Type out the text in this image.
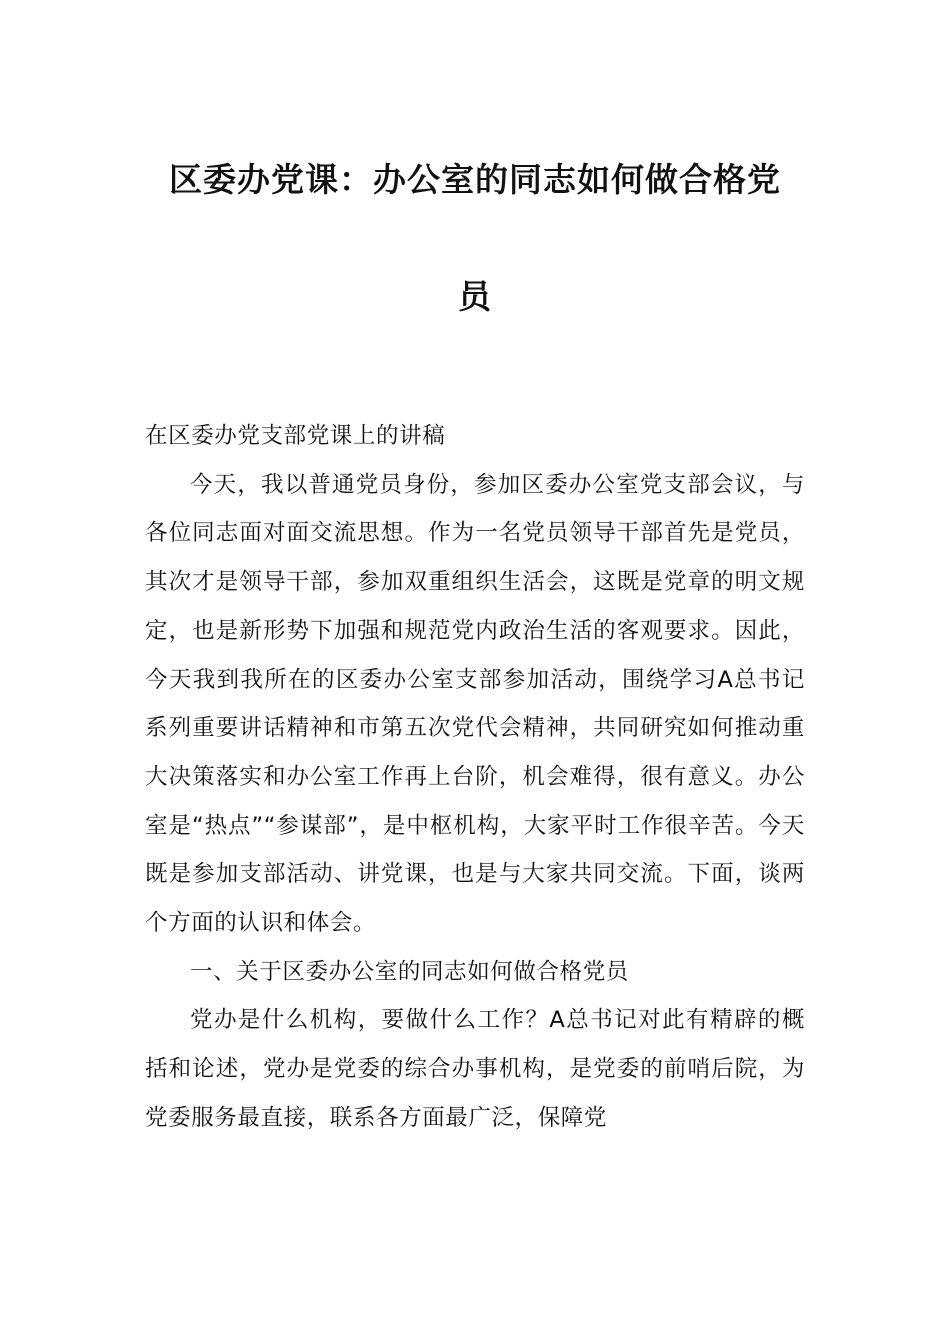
区委办党课：办公室的同志如何做合格党
员

在区委办党支部党课上的讲稿

今天，我以普通党员身份，参加区委办公室党支部会议，与各位同志面对面交流思想。作为一名党员领导干部首先是党员，其次才是领导干部，参加双重组织生活会，这既是党章的明文规定，也是新形势下加强和规范党内政治生活的客观要求。因此，今天我到我所在的区委办公室支部参加活动，围绕学习A总书记系列重要讲话精神和市第五次党代会精神，共同研究如何推动重大决策落实和办公室工作再上台阶，机会难得，很有意义。办公室是“热点”“参谋部”，是中枢机构，大家平时工作很辛苦。今天既是参加支部活动、讲党课，也是与大家共同交流。下面，谈两个方面的认识和体会。

一、关于区委办公室的同志如何做合格党员

党办是什么机构，要做什么工作？A总书记对此有精辟的概括和论述，党办是党委的综合办事机构，是党委的前哨后院，为党委服务最直接，联系各方面最广泛，保障党
